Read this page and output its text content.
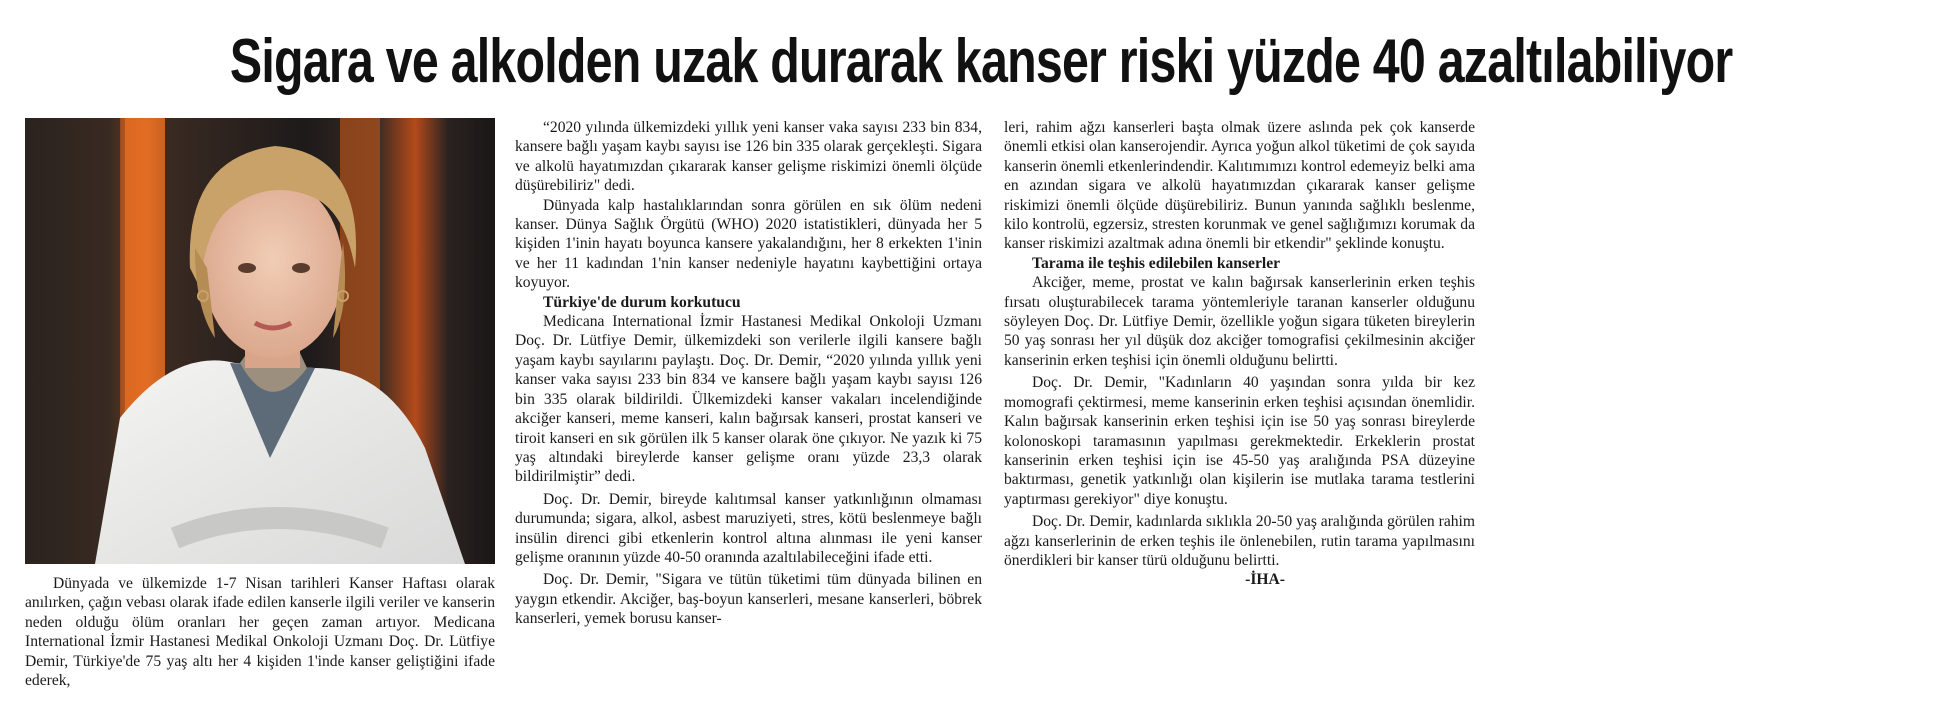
Sigara ve alkolden uzak durarak kanser riski yüzde 40 azaltılabiliyor

Dünyada ve ülkemizde 1-7 Nisan tarihleri Kanser Haftası olarak anılırken, çağın vebası olarak ifade edilen kanserle ilgili veriler ve kanserin neden olduğu ölüm oranları her geçen zaman artıyor. Medicana International İzmir Hastanesi Medikal Onkoloji Uzmanı Doç. Dr. Lütfiye Demir, Türkiye'de 75 yaş altı her 4 kişiden 1'inde kanser geliştiğini ifade ederek,

“2020 yılında ülkemizdeki yıllık yeni kanser vaka sayısı 233 bin 834, kansere bağlı yaşam kaybı sayısı ise 126 bin 335 olarak gerçekleşti. Sigara ve alkolü hayatımızdan çıkararak kanser gelişme riskimizi önemli ölçüde düşürebiliriz" dedi.

Dünyada kalp hastalıklarından sonra görülen en sık ölüm nedeni kanser. Dünya Sağlık Örgütü (WHO) 2020 istatistikleri, dünyada her 5 kişiden 1'inin hayatı boyunca kansere yakalandığını, her 8 erkekten 1'inin ve her 11 kadından 1'nin kanser nedeniyle hayatını kaybettiğini ortaya koyuyor.

Türkiye'de durum korkutucu

Medicana International İzmir Hastanesi Medikal Onkoloji Uzmanı Doç. Dr. Lütfiye Demir, ülkemizdeki son verilerle ilgili kansere bağlı yaşam kaybı sayılarını paylaştı. Doç. Dr. Demir, “2020 yılında yıllık yeni kanser vaka sayısı 233 bin 834 ve kansere bağlı yaşam kaybı sayısı 126 bin 335 olarak bildirildi. Ülkemizdeki kanser vakaları incelendiğinde akciğer kanseri, meme kanseri, kalın bağırsak kanseri, prostat kanseri ve tiroit kanseri en sık görülen ilk 5 kanser olarak öne çıkıyor. Ne yazık ki 75 yaş altındaki bireylerde kanser gelişme oranı yüzde 23,3 olarak bildirilmiştir” dedi.

Doç. Dr. Demir, bireyde kalıtımsal kanser yatkınlığının olmaması durumunda; sigara, alkol, asbest maruziyeti, stres, kötü beslenmeye bağlı insülin direnci gibi etkenlerin kontrol altına alınması ile yeni kanser gelişme oranının yüzde 40-50 oranında azaltılabileceğini ifade etti.

Doç. Dr. Demir, "Sigara ve tütün tüketimi tüm dünyada bilinen en yaygın etkendir. Akciğer, baş-boyun kanserleri, mesane kanserleri, böbrek kanserleri, yemek borusu kanser-

leri, rahim ağzı kanserleri başta olmak üzere aslında pek çok kanserde önemli etkisi olan kanserojendir. Ayrıca yoğun alkol tüketimi de çok sayıda kanserin önemli etkenlerindendir. Kalıtımımızı kontrol edemeyiz belki ama en azından sigara ve alkolü hayatımızdan çıkararak kanser gelişme riskimizi önemli ölçüde düşürebiliriz. Bunun yanında sağlıklı beslenme, kilo kontrolü, egzersiz, stresten korunmak ve genel sağlığımızı korumak da kanser riskimizi azaltmak adına önemli bir etkendir" şeklinde konuştu.

Tarama ile teşhis edilebilen kanserler

Akciğer, meme, prostat ve kalın bağırsak kanserlerinin erken teşhis fırsatı oluşturabilecek tarama yöntemleriyle taranan kanserler olduğunu söyleyen Doç. Dr. Lütfiye Demir, özellikle yoğun sigara tüketen bireylerin 50 yaş sonrası her yıl düşük doz akciğer tomografisi çekilmesinin akciğer kanserinin erken teşhisi için önemli olduğunu belirtti.

Doç. Dr. Demir, "Kadınların 40 yaşından sonra yılda bir kez momografi çektirmesi, meme kanserinin erken teşhisi açısından önemlidir. Kalın bağırsak kanserinin erken teşhisi için ise 50 yaş sonrası bireylerde kolonoskopi taramasının yapılması gerekmektedir. Erkeklerin prostat kanserinin erken teşhisi için ise 45-50 yaş aralığında PSA düzeyine baktırması, genetik yatkınlığı olan kişilerin ise mutlaka tarama testlerini yaptırması gerekiyor" diye konuştu.

Doç. Dr. Demir, kadınlarda sıklıkla 20-50 yaş aralığında görülen rahim ağzı kanserlerinin de erken teşhis ile önlenebilen, rutin tarama yapılmasını önerdikleri bir kanser türü olduğunu belirtti.
-İHA-
